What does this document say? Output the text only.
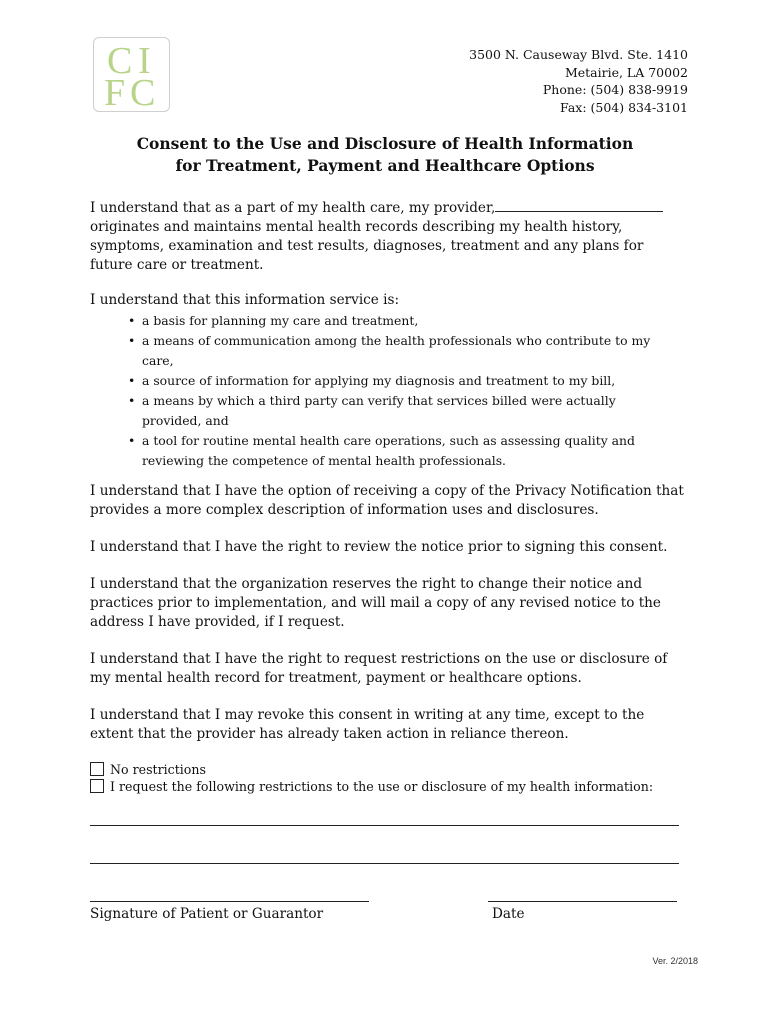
C I
F C
3500 N. Causeway Blvd. Ste. 1410
Metairie, LA 70002
Phone: (504) 838-9919
Fax: (504) 834-3101
Consent to the Use and Disclosure of Health Information
for Treatment, Payment and Healthcare Options
I understand that as a part of my health care, my provider, originates and maintains mental health records describing my health history, symptoms, examination and test results, diagnoses, treatment and any plans for future care or treatment.
I understand that this information service is:
• a basis for planning my care and treatment,
• a means of communication among the health professionals who contribute to my care,
• a source of information for applying my diagnosis and treatment to my bill,
• a means by which a third party can verify that services billed were actually provided, and
• a tool for routine mental health care operations, such as assessing quality and reviewing the competence of mental health professionals.

I understand that I have the option of receiving a copy of the Privacy Notification that provides a more complex description of information uses and disclosures.

I understand that I have the right to review the notice prior to signing this consent.

I understand that the organization reserves the right to change their notice and practices prior to implementation, and will mail a copy of any revised notice to the address I have provided, if I request.

I understand that I have the right to request restrictions on the use or disclosure of my mental health record for treatment, payment or healthcare options.

I understand that I may revoke this consent in writing at any time, except to the extent that the provider has already taken action in reliance thereon.

No restrictions
I request the following restrictions to the use or disclosure of my health information:
Signature of Patient or Guarantor	Date
Ver. 2/2018
